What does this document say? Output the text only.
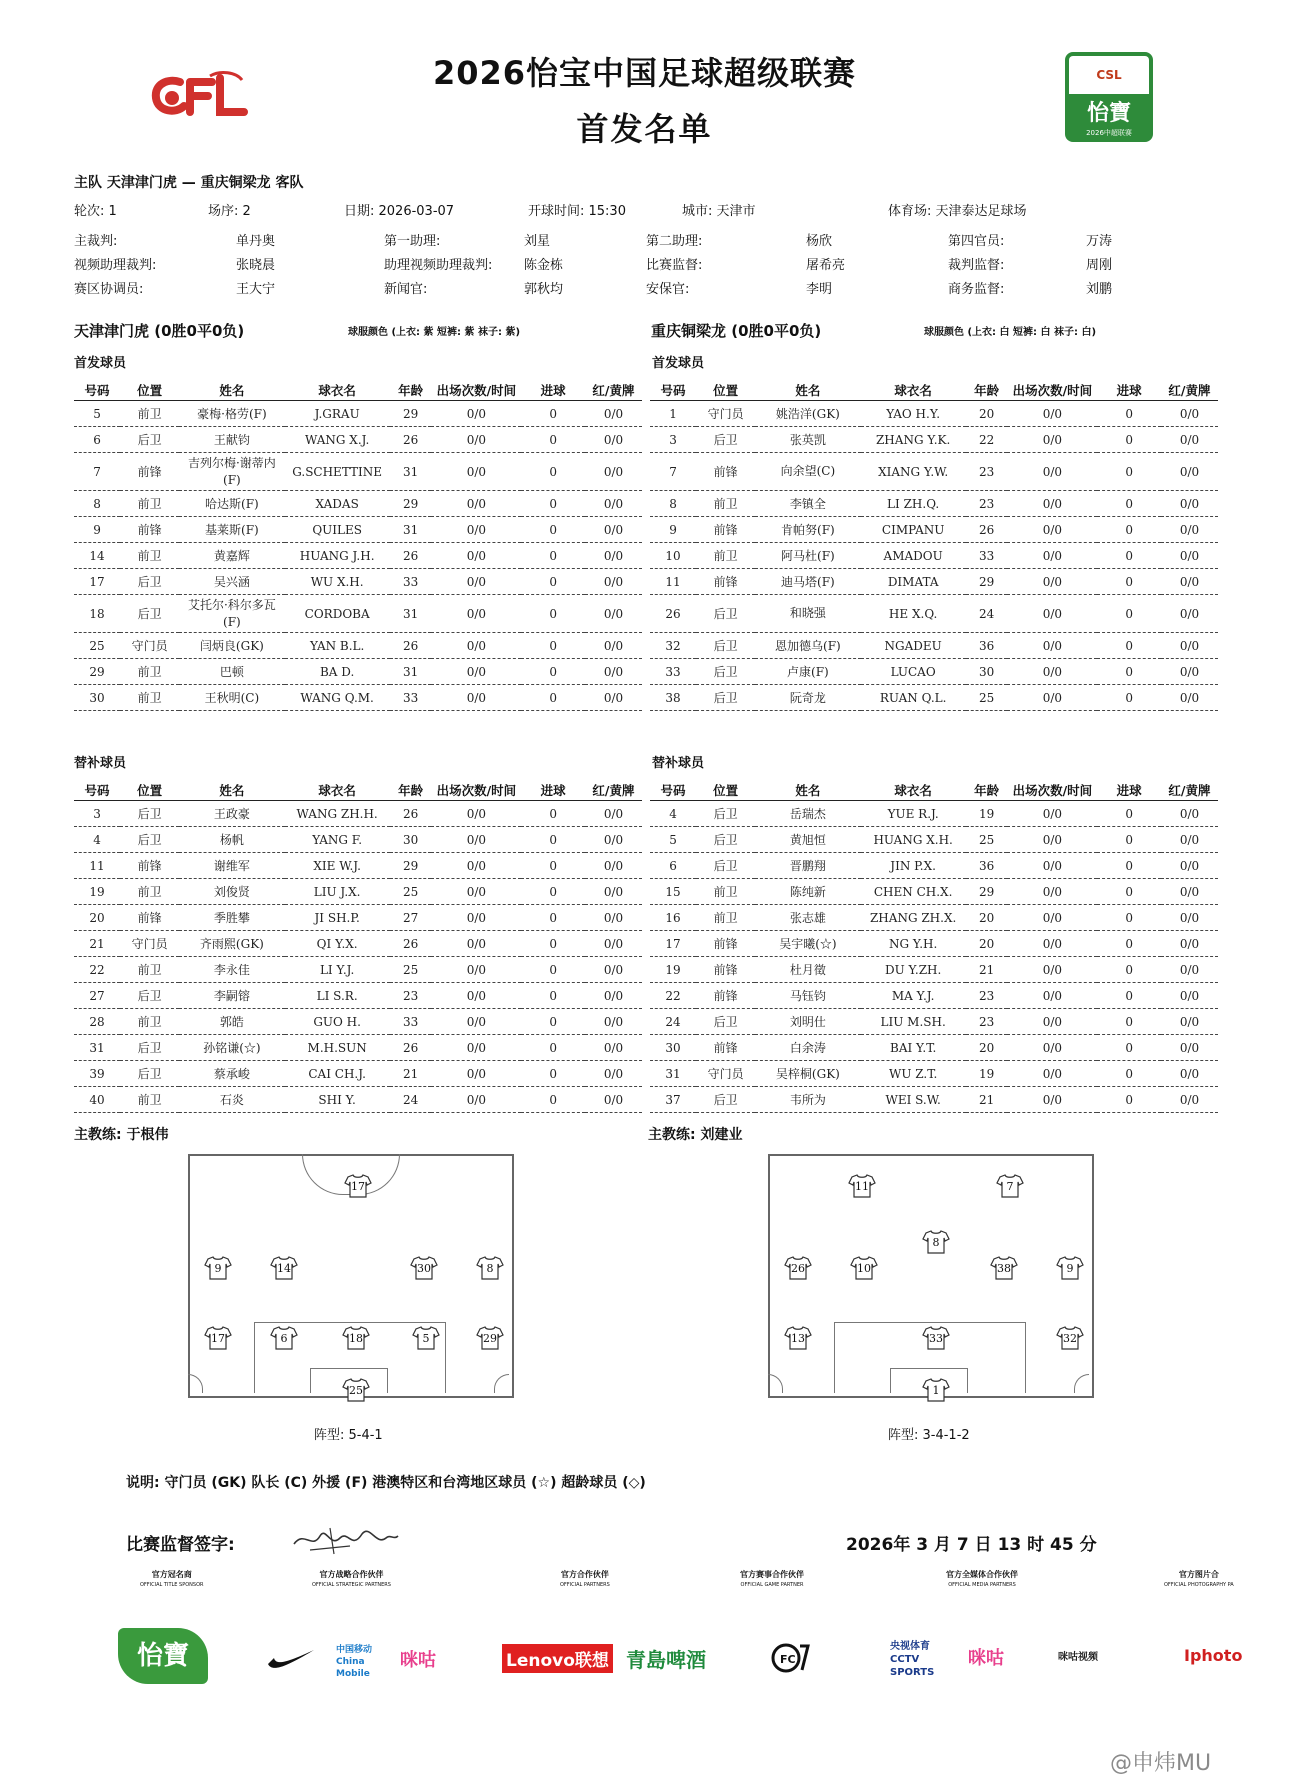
2026怡宝中国足球超级联赛
首发名单
CSL
怡寶
2026中超联赛
主队 天津津门虎 — 重庆铜梁龙 客队
轮次: 1	场序: 2	日期: 2026-03-07	开球时间: 15:30	城市: 天津市	体育场: 天津泰达足球场
主裁判:	单丹奥	第一助理:	刘星	第二助理:	杨欣	第四官员:	万涛
视频助理裁判:	张晓晨	助理视频助理裁判: 陈金栋	比赛监督:	屠希亮	裁判监督:	周刚
赛区协调员:	王大宁	新闻官:	郭秋均	安保官:	李明	商务监督:	刘鹏
天津津门虎 (0胜0平0负)	球服颜色 (上衣: 紫 短裤: 紫 袜子: 紫)	重庆铜梁龙 (0胜0平0负)	球服颜色 (上衣: 白 短裤: 白 袜子: 白)
首发球员	首发球员
替补球员	替补球员
号码	位置	姓名	球衣名	年龄	出场次数/时间	进球	红/黄牌
5	前卫	豪梅·格劳(F)	J.GRAU	29	0/0	0	0/0
6	后卫	王献钧	WANG X.J.	26	0/0	0	0/0
7	前锋	吉列尔梅·谢蒂内(F)	G.SCHETTINE	31	0/0	0	0/0
8	前卫	哈达斯(F)	XADAS	29	0/0	0	0/0
9	前锋	基莱斯(F)	QUILES	31	0/0	0	0/0
14	前卫	黄嘉辉	HUANG J.H.	26	0/0	0	0/0
17	后卫	吴兴涵	WU X.H.	33	0/0	0	0/0
18	后卫	艾托尔·科尔多瓦(F)	CORDOBA	31	0/0	0	0/0
25	守门员	闫炳良(GK)	YAN B.L.	26	0/0	0	0/0
29	前卫	巴顿	BA D.	31	0/0	0	0/0
30	前卫	王秋明(C)	WANG Q.M.	33	0/0	0	0/0
号码	位置	姓名	球衣名	年龄	出场次数/时间	进球	红/黄牌
1	守门员	姚浩洋(GK)	YAO H.Y.	20	0/0	0	0/0
3	后卫	张英凯	ZHANG Y.K.	22	0/0	0	0/0
7	前锋	向余望(C)	XIANG Y.W.	23	0/0	0	0/0
8	前卫	李镇全	LI ZH.Q.	23	0/0	0	0/0
9	前锋	肯帕努(F)	CIMPANU	26	0/0	0	0/0
10	前卫	阿马杜(F)	AMADOU	33	0/0	0	0/0
11	前锋	迪马塔(F)	DIMATA	29	0/0	0	0/0
26	后卫	和晓强	HE X.Q.	24	0/0	0	0/0
32	后卫	恩加德乌(F)	NGADEU	36	0/0	0	0/0
33	后卫	卢康(F)	LUCAO	30	0/0	0	0/0
38	后卫	阮奇龙	RUAN Q.L.	25	0/0	0	0/0
号码	位置	姓名	球衣名	年龄	出场次数/时间	进球	红/黄牌
3	后卫	王政豪	WANG ZH.H.	26	0/0	0	0/0
4	后卫	杨帆	YANG F.	30	0/0	0	0/0
11	前锋	谢维军	XIE W.J.	29	0/0	0	0/0
19	前卫	刘俊贤	LIU J.X.	25	0/0	0	0/0
20	前锋	季胜攀	JI SH.P.	27	0/0	0	0/0
21	守门员	齐雨熙(GK)	QI Y.X.	26	0/0	0	0/0
22	前卫	李永佳	LI Y.J.	25	0/0	0	0/0
27	后卫	李嗣镕	LI S.R.	23	0/0	0	0/0
28	前卫	郭皓	GUO H.	33	0/0	0	0/0
31	后卫	孙铭谦(☆)	M.H.SUN	26	0/0	0	0/0
39	后卫	蔡承峻	CAI CH.J.	21	0/0	0	0/0
40	前卫	石炎	SHI Y.	24	0/0	0	0/0
号码	位置	姓名	球衣名	年龄	出场次数/时间	进球	红/黄牌
4	后卫	岳瑞杰	YUE R.J.	19	0/0	0	0/0
5	后卫	黄旭恒	HUANG X.H.	25	0/0	0	0/0
6	后卫	晋鹏翔	JIN P.X.	36	0/0	0	0/0
15	前卫	陈纯新	CHEN CH.X.	29	0/0	0	0/0
16	前卫	张志雄	ZHANG ZH.X.	20	0/0	0	0/0
17	前锋	吴宇曦(☆)	NG Y.H.	20	0/0	0	0/0
19	前锋	杜月徵	DU Y.ZH.	21	0/0	0	0/0
22	前锋	马钰钧	MA Y.J.	23	0/0	0	0/0
24	后卫	刘明仕	LIU M.SH.	23	0/0	0	0/0
30	前锋	白余涛	BAI Y.T.	20	0/0	0	0/0
31	守门员	吴梓桐(GK)	WU Z.T.	19	0/0	0	0/0
37	后卫	韦所为	WEI S.W.	21	0/0	0	0/0
主教练: 于根伟	主教练: 刘建业
17
9	14	30	8
17	6	18	5	29
25
11	7
8
26	10	38	9
13	33	32
1
阵型: 5-4-1	阵型: 3-4-1-2
说明: 守门员 (GK) 队长 (C) 外援 (F) 港澳特区和台湾地区球员 (☆) 超龄球员 (◇)
比赛监督签字:	2026年 3 月 7 日 13 时 45 分
官方冠名商
OFFICIAL TITLE SPONSOR
官方战略合作伙伴
OFFICIAL STRATEGIC PARTNERS
官方合作伙伴
OFFICIAL PARTNERS
官方赛事合作伙伴
OFFICIAL GAME PARTNER
官方全媒体合作伙伴
OFFICIAL MEDIA PARTNERS
官方图片合
OFFICIAL PHOTOGRAPHY PA
怡寶	中国移动 China Mobile
咪咕	Lenovo联想 青島啤酒	FC
央视体育 CCTV SPORTS
咪咕	咪咕视频	Iphoto
@申炜MU
